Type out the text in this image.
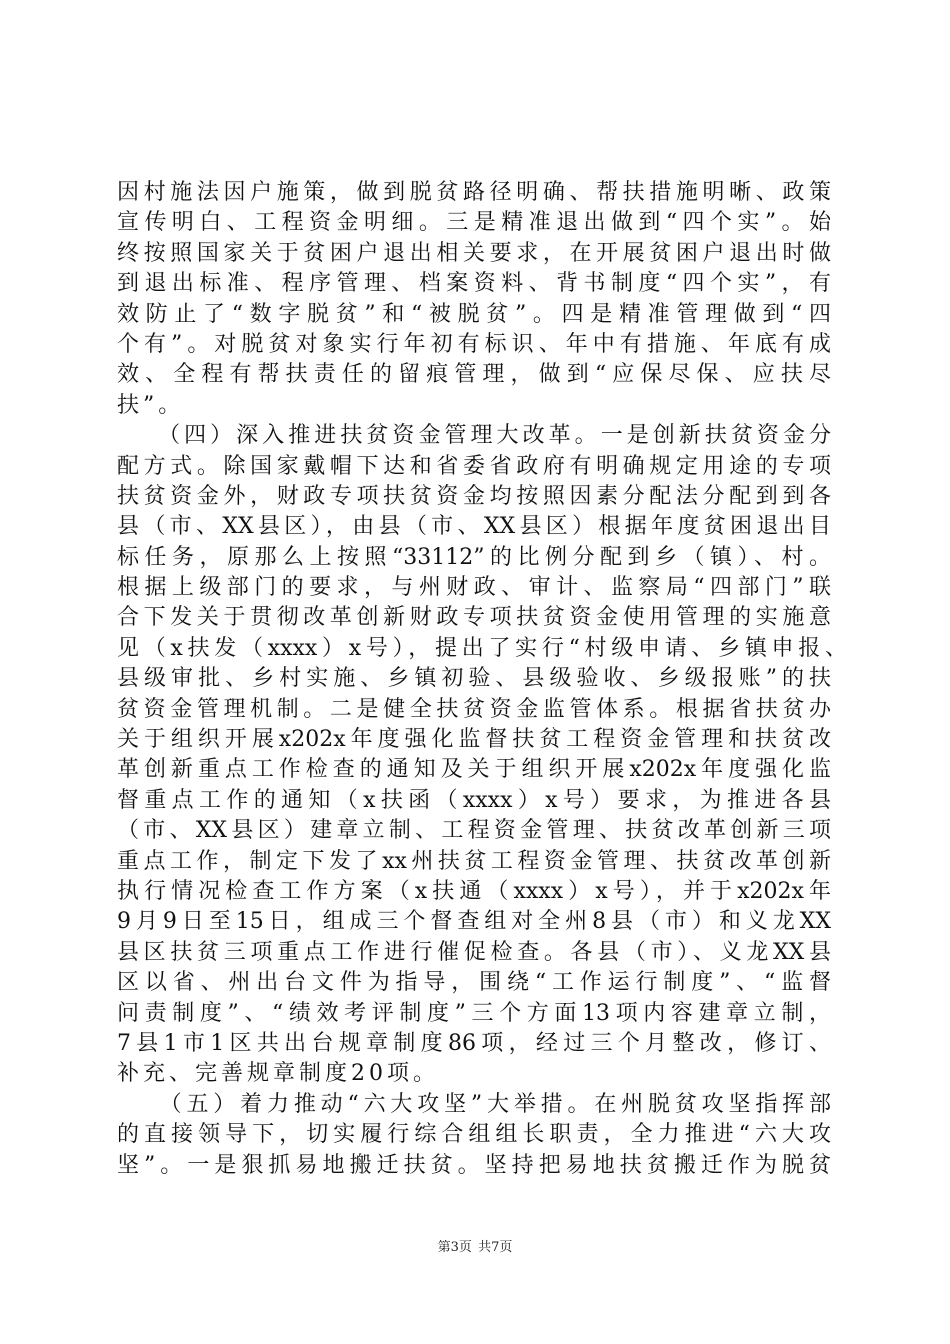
因村施法因户施策，做到脱贫路径明确、帮扶措施明晰、政策
宣传明白、工程资金明细。三是精准退出做到“四个实”。始
终按照国家关于贫困户退出相关要求，在开展贫困户退出时做
到退出标准、程序管理、档案资料、背书制度“四个实”，有
效防止了“数字脱贫”和“被脱贫”。四是精准管理做到“四
个有”。对脱贫对象实行年初有标识、年中有措施、年底有成
效、全程有帮扶责任的留痕管理，做到“应保尽保、应扶尽
扶”。
　　（四）深入推进扶贫资金管理大改革。一是创新扶贫资金分
配方式。除国家戴帽下达和省委省政府有明确规定用途的专项
扶贫资金外，财政专项扶贫资金均按照因素分配法分配到到各
县（市、XX县区），由县（市、XX县区）根据年度贫困退出目
标任务，原那么上按照“33112”的比例分配到乡（镇）、村。
根据上级部门的要求，与州财政、审计、监察局“四部门”联
合下发关于贯彻改革创新财政专项扶贫资金使用管理的实施意
见（x扶发（xxxx）x号），提出了实行“村级申请、乡镇申报、
县级审批、乡村实施、乡镇初验、县级验收、乡级报账”的扶
贫资金管理机制。二是健全扶贫资金监管体系。根据省扶贫办
关于组织开展x202x年度强化监督扶贫工程资金管理和扶贫改
革创新重点工作检查的通知及关于组织开展x202x年度强化监
督重点工作的通知（x扶函（xxxx）x号）要求，为推进各县
（市、XX县区）建章立制、工程资金管理、扶贫改革创新三项
重点工作，制定下发了xx州扶贫工程资金管理、扶贫改革创新
执行情况检查工作方案（x扶通（xxxx）x号），并于x202x年
9月9日至15日，组成三个督查组对全州8县（市）和义龙XX
县区扶贫三项重点工作进行催促检查。各县（市）、义龙XX县
区以省、州出台文件为指导，围绕“工作运行制度”、“监督
问责制度”、“绩效考评制度”三个方面13项内容建章立制，
7县1市1区共出台规章制度86项，经过三个月整改，修订、
补充、完善规章制度20项。
　　（五）着力推动“六大攻坚”大举措。在州脱贫攻坚指挥部
的直接领导下，切实履行综合组组长职责，全力推进“六大攻
坚”。一是狠抓易地搬迁扶贫。坚持把易地扶贫搬迁作为脱贫
第3页 共7页
